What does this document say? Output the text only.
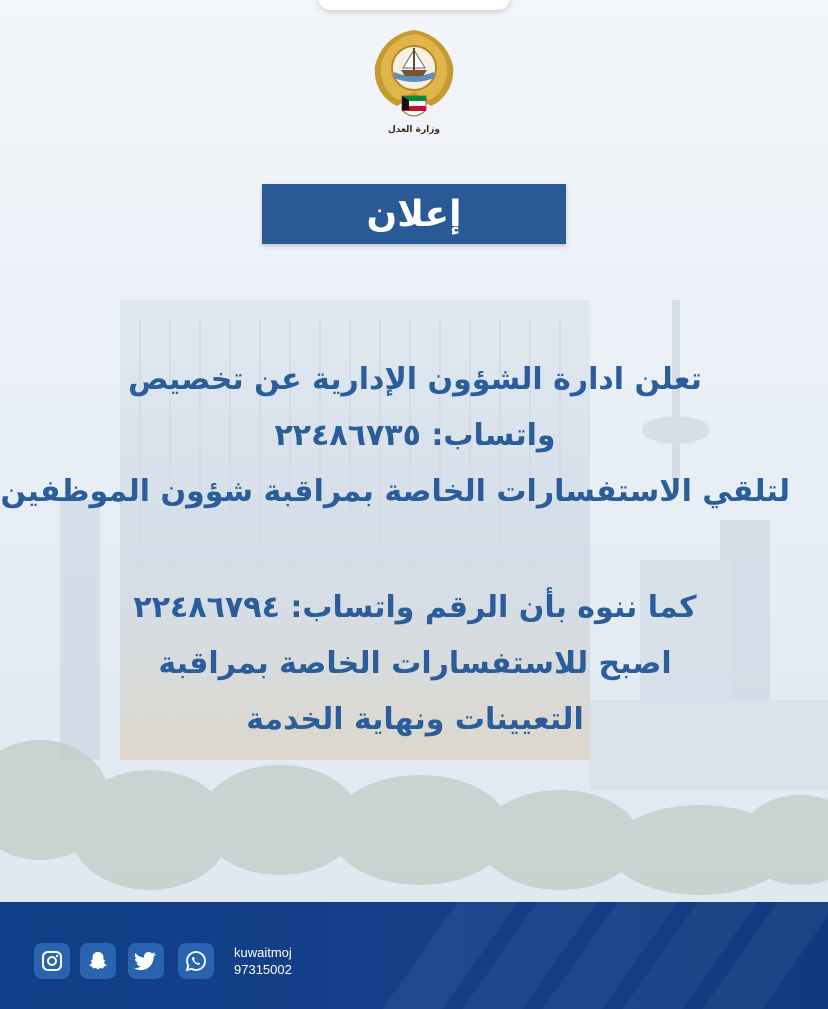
وزارة العدل
إعلان
تعلن ادارة الشؤون الإدارية عن تخصيص
واتساب: ٢٢٤٨٦٧٣٥
لتلقي الاستفسارات الخاصة بمراقبة شؤون الموظفين
كما ننوه بأن الرقم واتساب: ٢٢٤٨٦٧٩٤
اصبح للاستفسارات الخاصة بمراقبة
التعيينات ونهاية الخدمة
kuwaitmoj
97315002
